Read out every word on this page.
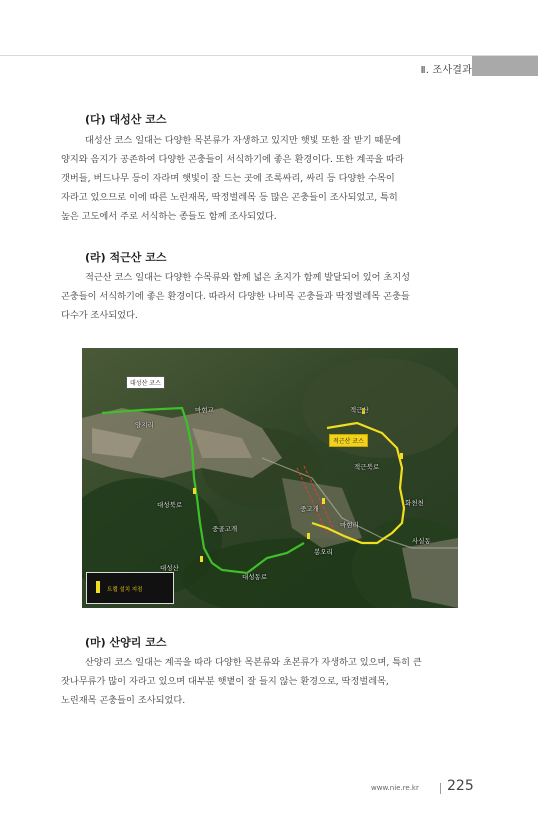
Ⅱ. 조사결과
(다) 대성산 코스
대성산 코스 일대는 다양한 목본류가 자생하고 있지만 햇빛 또한 잘 받기 때문에
양지와 음지가 공존하여 다양한 곤충들이 서식하기에 좋은 환경이다. 또한 계곡을 따라
갯버들, 버드나무 등이 자라며 햇빛이 잘 드는 곳에 조록싸리, 싸리 등 다양한 수목이
자라고 있으므로 이에 따른 노린재목, 딱정벌레목 등 많은 곤충들이 조사되었고, 특히
높은 고도에서 주로 서식하는 종들도 함께 조사되었다.
(라) 적근산 코스
적근산 코스 일대는 다양한 수목류와 함께 넓은 초지가 함께 발달되어 있어 초지성
곤충들이 서식하기에 좋은 환경이다. 따라서 다양한 나비목 곤충들과 딱정벌레목 곤충들
다수가 조사되었다.
대성산 코스
적근산 코스
마현교
양지리
대성북로
중골고개
대성산

대성동로
적근산
적근북로
화천천
중고개
마현리
사실동
봉오리
트랩 설치 지점
(마) 산양리 코스
산양리 코스 일대는 계곡을 따라 다양한 목본류와 초본류가 자생하고 있으며, 특히 큰
잣나무류가 많이 자라고 있으며 대부분 햇볕이 잘 들지 않는 환경으로, 딱정벌레목,
노린재목 곤충들이 조사되었다.
www.nie.re.kr 225
